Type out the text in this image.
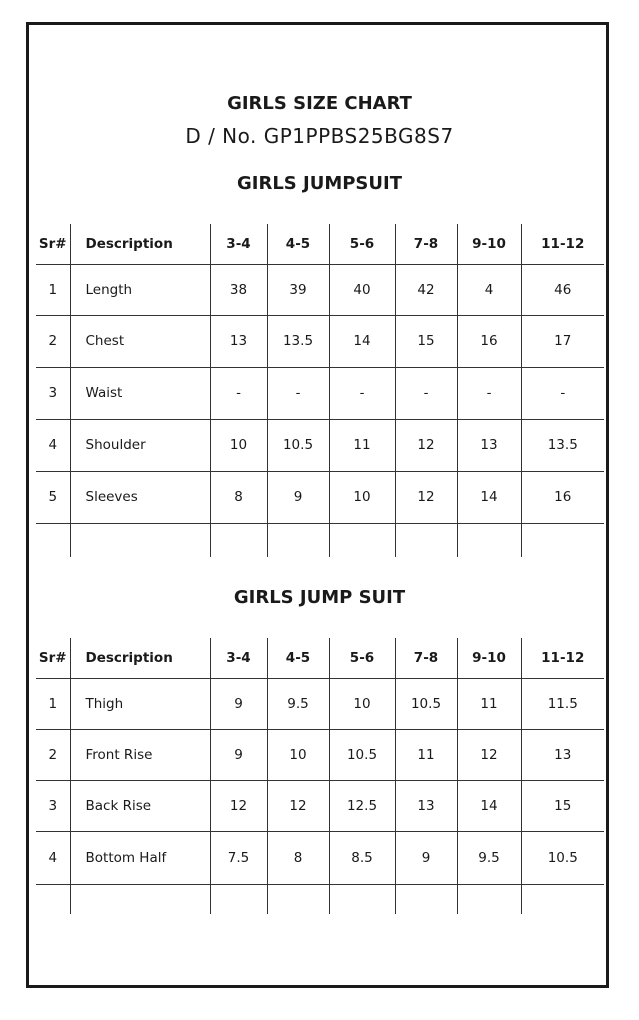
GIRLS SIZE CHART
D / No. GP1PPBS25BG8S7
GIRLS JUMPSUIT
Sr#	Description	3-4	4-5	5-6	7-8	9-10	11-12
1	Length	38	39	40	42	4	46
2	Chest	13	13.5	14	15	16	17
3	Waist	-	-	-	-	-	-
4	Shoulder	10	10.5	11	12	13	13.5
5	Sleeves	8	9	10	12	14	16

GIRLS JUMP SUIT
Sr#	Description	3-4	4-5	5-6	7-8	9-10	11-12
1	Thigh	9	9.5	10	10.5	11	11.5
2	Front Rise	9	10	10.5	11	12	13
3	Back Rise	12	12	12.5	13	14	15
4	Bottom Half	7.5	8	8.5	9	9.5	10.5
